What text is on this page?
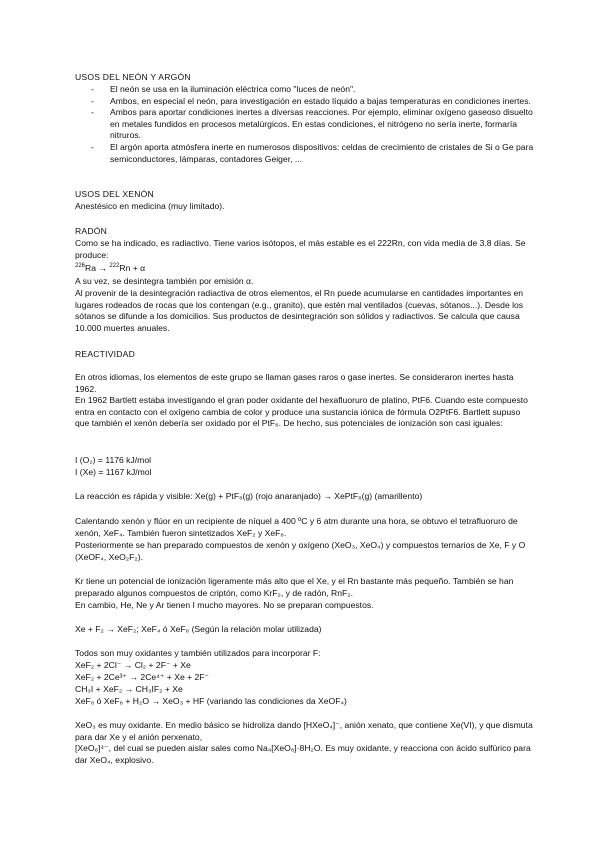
USOS DEL NEÓN Y ARGÓN
- El neón se usa en la iluminación eléctrica como "luces de neón".
- Ambos, en especial el neón, para investigación en estado líquido a bajas temperaturas en condiciones inertes.
- Ambos para aportar condiciones inertes a diversas reacciones. Por ejemplo, eliminar oxígeno gaseoso disuelto en metales fundidos en procesos metalúrgicos. En estas condiciones, el nitrógeno no sería inerte, formaría nitruros.
- El argón aporta atmósfera inerte en numerosos dispositivos: celdas de crecimiento de cristales de Si o Ge para semiconductores, lámparas, contadores Geiger, ...
USOS DEL XENÓN
Anestésico en medicina (muy limitado).
RADÓN
Como se ha indicado, es radiactivo. Tiene varios isótopos, el más estable es el 222Rn, con vida media de 3.8 días. Se produce:
$^{226}$Ra → $^{222}$Rn + α
A su vez, se desintegra también por emisión α.
Al provenir de la desintegración radiactiva de otros elementos, el Rn puede acumularse en cantidades importantes en lugares rodeados de rocas que los contengan (e.g., granito), que estén mal ventilados (cuevas, sótanos...). Desde los sótanos se difunde a los domicilios. Sus productos de desintegración son sólidos y radiactivos. Se calcula que causa 10.000 muertes anuales.
REACTIVIDAD
En otros idiomas, los elementos de este grupo se llaman gases raros o gase inertes. Se consideraron inertes hasta 1962.
En 1962 Bartlett estaba investigando el gran poder oxidante del hexafluoruro de platino, PtF6. Cuando este compuesto entra en contacto con el oxígeno cambia de color y produce una sustancia iónica de fórmula O2PtF6. Bartlett supuso que también el xenón debería ser oxidado por el PtF₆. De hecho, sus potenciales de ionización son casi iguales:
I (O₂) = 1176 kJ/mol
I (Xe) = 1167 kJ/mol
La reacción es rápida y visible: Xe(g) + PtF₆(g) (rojo anaranjado) → XePtF₆(g) (amarillento)
Calentando xenón y flúor en un recipiente de níquel a 400 ºC y 6 atm durante una hora, se obtuvo el tetrafluoruro de xenón, XeF₄. También fueron sintetizados XeF₂ y XeF₆.
Posteriormente se han preparado compuestos de xenón y oxígeno (XeO₃, XeO₄) y compuestos ternarios de Xe, F y O (XeOF₄, XeO₂F₂).
Kr tiene un potencial de ionización ligeramente más alto que el Xe, y el Rn bastante más pequeño. También se han preparado algunos compuestos de criptón, como KrF₂, y de radón, RnF₂.
En cambio, He, Ne y Ar tienen I mucho mayores. No se preparan compuestos.
Xe + F₂ → XeF₂; XeF₄ ó XeF₆ (Según la relación molar utilizada)
Todos son muy oxidantes y también utilizados para incorporar F:
XeF₂ + 2Cl⁻ → Cl₂ + 2F⁻ + Xe
XeF₂ + 2Ce³⁺ → 2Ce⁴⁺ + Xe + 2F⁻
CH₃I + XeF₂ → CH₃IF₂ + Xe
XeF₆ ó XeF₆ + H₂O → XeO₃ + HF (variando las condiciones da XeOF₄)
XeO₃ es muy oxidante. En medio básico se hidroliza dando [HXeO₄]⁻, anión xenato, que contiene Xe(VI), y que dismuta para dar Xe y el anión perxenato,
[XeO₆]⁴⁻, del cual se pueden aislar sales como Na₄[XeO₆]·8H₂O. Es muy oxidante, y reacciona con ácido sulfúrico para dar XeO₄, explosivo.
